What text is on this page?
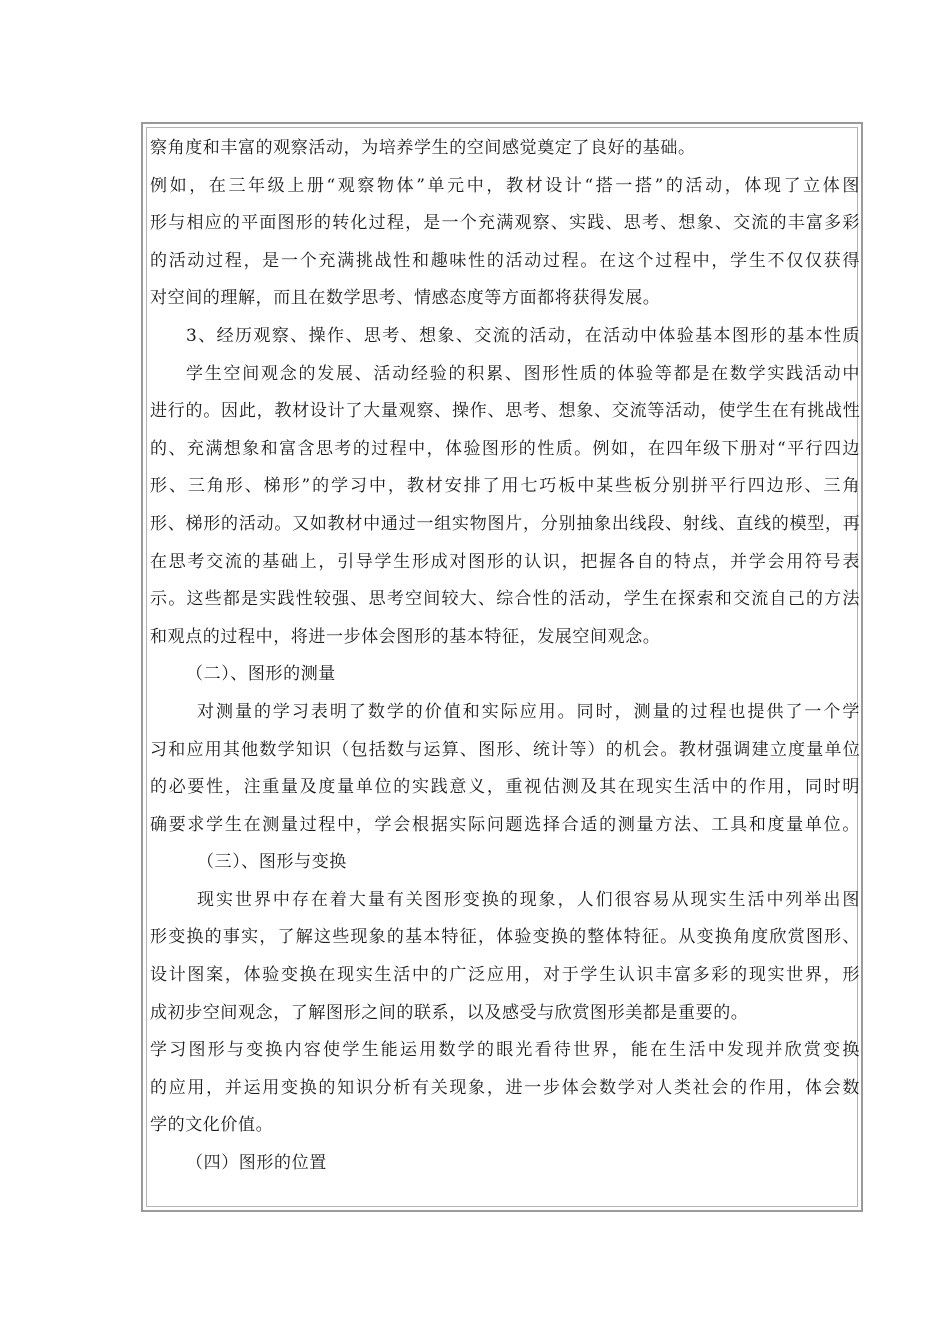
察角度和丰富的观察活动，为培养学生的空间感觉奠定了良好的基础。
例如，在三年级上册“观察物体”单元中，教材设计“搭一搭”的活动，体现了立体图
形与相应的平面图形的转化过程，是一个充满观察、实践、思考、想象、交流的丰富多彩
的活动过程，是一个充满挑战性和趣味性的活动过程。在这个过程中，学生不仅仅获得
对空间的理解，而且在数学思考、情感态度等方面都将获得发展。
3、经历观察、操作、思考、想象、交流的活动，在活动中体验基本图形的基本性质
学生空间观念的发展、活动经验的积累、图形性质的体验等都是在数学实践活动中
进行的。因此，教材设计了大量观察、操作、思考、想象、交流等活动，使学生在有挑战性
的、充满想象和富含思考的过程中，体验图形的性质。例如，在四年级下册对“平行四边
形、三角形、梯形”的学习中，教材安排了用七巧板中某些板分别拼平行四边形、三角
形、梯形的活动。又如教材中通过一组实物图片，分别抽象出线段、射线、直线的模型，再
在思考交流的基础上，引导学生形成对图形的认识，把握各自的特点，并学会用符号表
示。这些都是实践性较强、思考空间较大、综合性的活动，学生在探索和交流自己的方法
和观点的过程中，将进一步体会图形的基本特征，发展空间观念。
（二）、图形的测量
对测量的学习表明了数学的价值和实际应用。同时，测量的过程也提供了一个学
习和应用其他数学知识（包括数与运算、图形、统计等）的机会。教材强调建立度量单位
的必要性，注重量及度量单位的实践意义，重视估测及其在现实生活中的作用，同时明
确要求学生在测量过程中，学会根据实际问题选择合适的测量方法、工具和度量单位。
（三）、图形与变换
现实世界中存在着大量有关图形变换的现象，人们很容易从现实生活中列举出图
形变换的事实，了解这些现象的基本特征，体验变换的整体特征。从变换角度欣赏图形、
设计图案，体验变换在现实生活中的广泛应用，对于学生认识丰富多彩的现实世界，形
成初步空间观念，了解图形之间的联系，以及感受与欣赏图形美都是重要的。
学习图形与变换内容使学生能运用数学的眼光看待世界，能在生活中发现并欣赏变换
的应用，并运用变换的知识分析有关现象，进一步体会数学对人类社会的作用，体会数
学的文化价值。
（四）图形的位置
